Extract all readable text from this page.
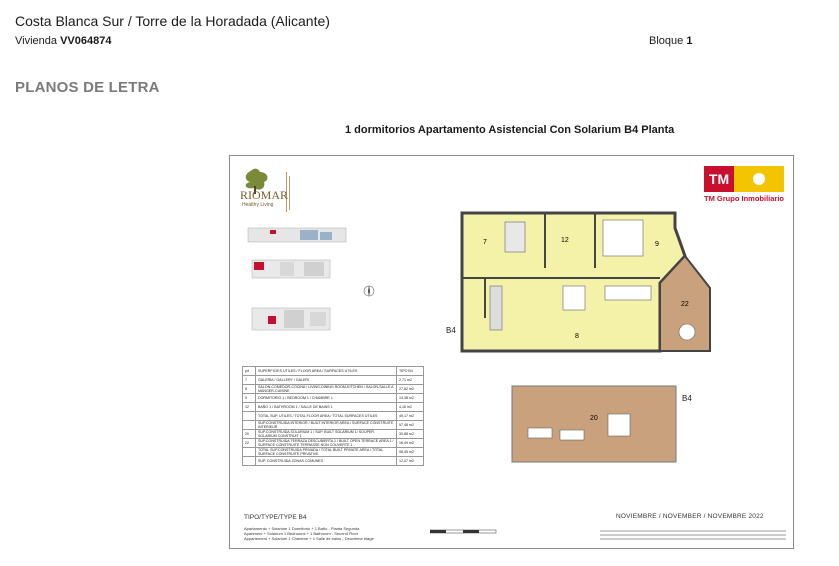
Costa Blanca Sur / Torre de la Horadada (Alicante)
Vivienda VV064874	Bloque 1
PLANOS DE LETRA
1 dormitorios Apartamento Asistencial Con Solarium B4 Planta
RIOMAR
Healthy Living
TM
TM Grupo Inmobiliario
7	12
9
22
8
B4
20
B4
pd	SUPERFICIES UTILES / FLOOR AREA / SURFACES UTILES	TIPO B4
7	GALERÍA / GALLERY / GALERI	2,71 m2
8	SALON-COMEDOR-COCINA / LIVING-DINING ROOM-KITCHEN / SALON-SALLE A MANGER-CUISINE	27,82 m2
9	DORMITORIO 1 / BEDROOM 1 / CHAMBRE 1	14,38 m2
12	BAÑO 1 / BATHROOM 1 / SALLE DE BAINS 1	4,16 m2
	TOTAL SUP. UTILES / TOTAL FLOOR AREA / TOTAL SURFACES UTILES	49,17 m2
	SUP.CONSTRUIDA INTERIOR / BUILT INTERIOR AREA / SURFACE CONSTRUITE INTERIEUR	57,48 m2
20	SUP.CONSTRUIDA SOLARIUM 1 / SUP. BUILT SOLARIUM 1/ SOUPER. SOLARIUM CONSTRUIT 1	30,88 m2
22	SUP.CONSTRUIDA TERRAZA DESCUBIERTA 1 / BUILT OPEN TERRACE AREA 1 / SURFACE CONSTRUITE TERRASSE NON COUVERTE 1	16,49 m2
	TOTAL SUP.CONSTRUIDA PRIVADA / TOTAL BUILT PRIVATE AREA / TOTAL SURFACE CONSTRUITE PRIVATIVE	98,45 m2
	SUP. CONSTRUIDA ZONAS COMUNES	12,07 m2
TIPO/TYPE/TYPE B4
Apartamento + Solarium 1 Dormitorio + 1 Baño - Planta Segunda
Apartment + Solarium 1 Bedrooms + 1 Bathroom - Second Floor
Appartement + Solarium 1 Chambre + 1 Salle de bains - Deuxième étage
NOVIEMBRE / NOVEMBER / NOVEMBRE 2022
